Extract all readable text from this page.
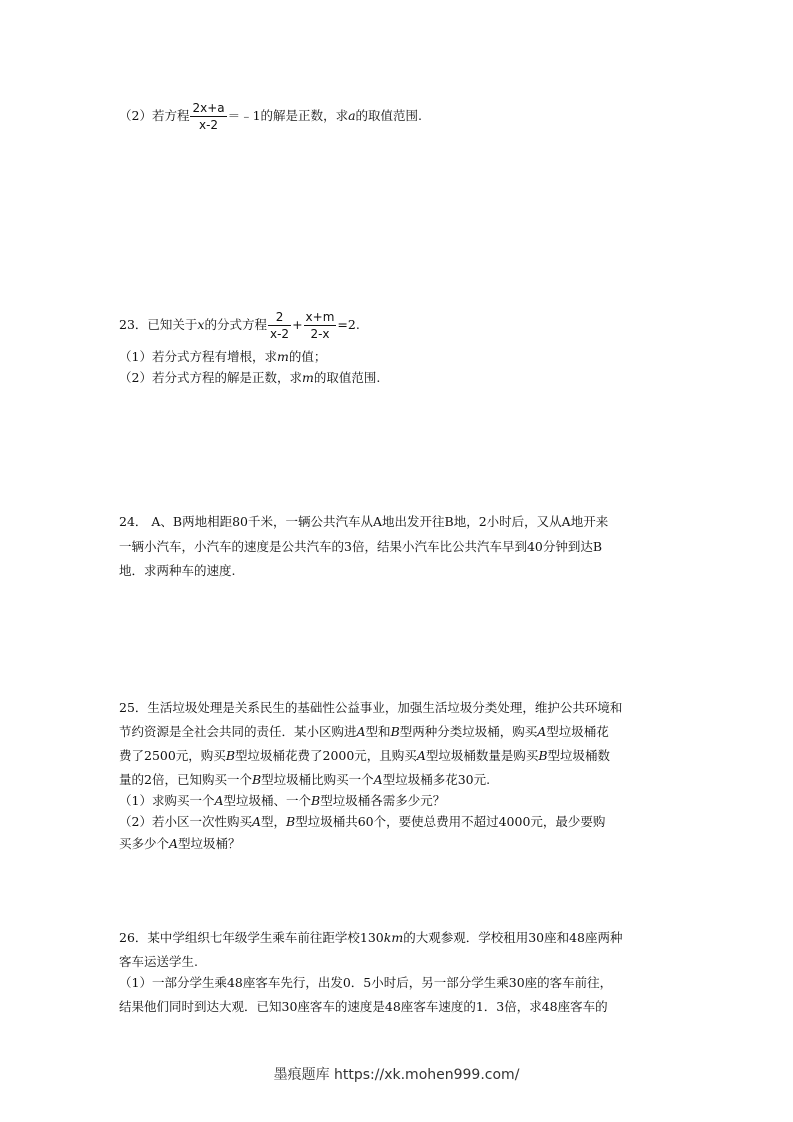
（2）若方程 $\frac{2x+a}{x-2}$ ＝﹣1的解是正数，求a的取值范围.
23．已知关于x的分式方程 $\frac{2}{x-2} + \frac{x+m}{2-x} =2$.
（1）若分式方程有增根，求m的值；
（2）若分式方程的解是正数，求m的取值范围.
24． A、B两地相距80千米，一辆公共汽车从A地出发开往B地，2小时后，又从A地开来
一辆小汽车，小汽车的速度是公共汽车的3倍，结果小汽车比公共汽车早到40分钟到达B
地．求两种车的速度.
25．生活垃圾处理是关系民生的基础性公益事业，加强生活垃圾分类处理，维护公共环境和
节约资源是全社会共同的责任．某小区购进A型和B型两种分类垃圾桶，购买A型垃圾桶花
费了2500元，购买B型垃圾桶花费了2000元，且购买A型垃圾桶数量是购买B型垃圾桶数
量的2倍，已知购买一个B型垃圾桶比购买一个A型垃圾桶多花30元.
（1）求购买一个A型垃圾桶、一个B型垃圾桶各需多少元？
（2）若小区一次性购买A型，B型垃圾桶共60个，要使总费用不超过4000元，最少要购
买多少个A型垃圾桶？
26．某中学组织七年级学生乘车前往距学校130km的大观参观．学校租用30座和48座两种
客车运送学生.
（1）一部分学生乘48座客车先行，出发0．5小时后，另一部分学生乘30座的客车前往，
结果他们同时到达大观．已知30座客车的速度是48座客车速度的1．3倍，求48座客车的
墨痕题库 https://xk.mohen999.com/
